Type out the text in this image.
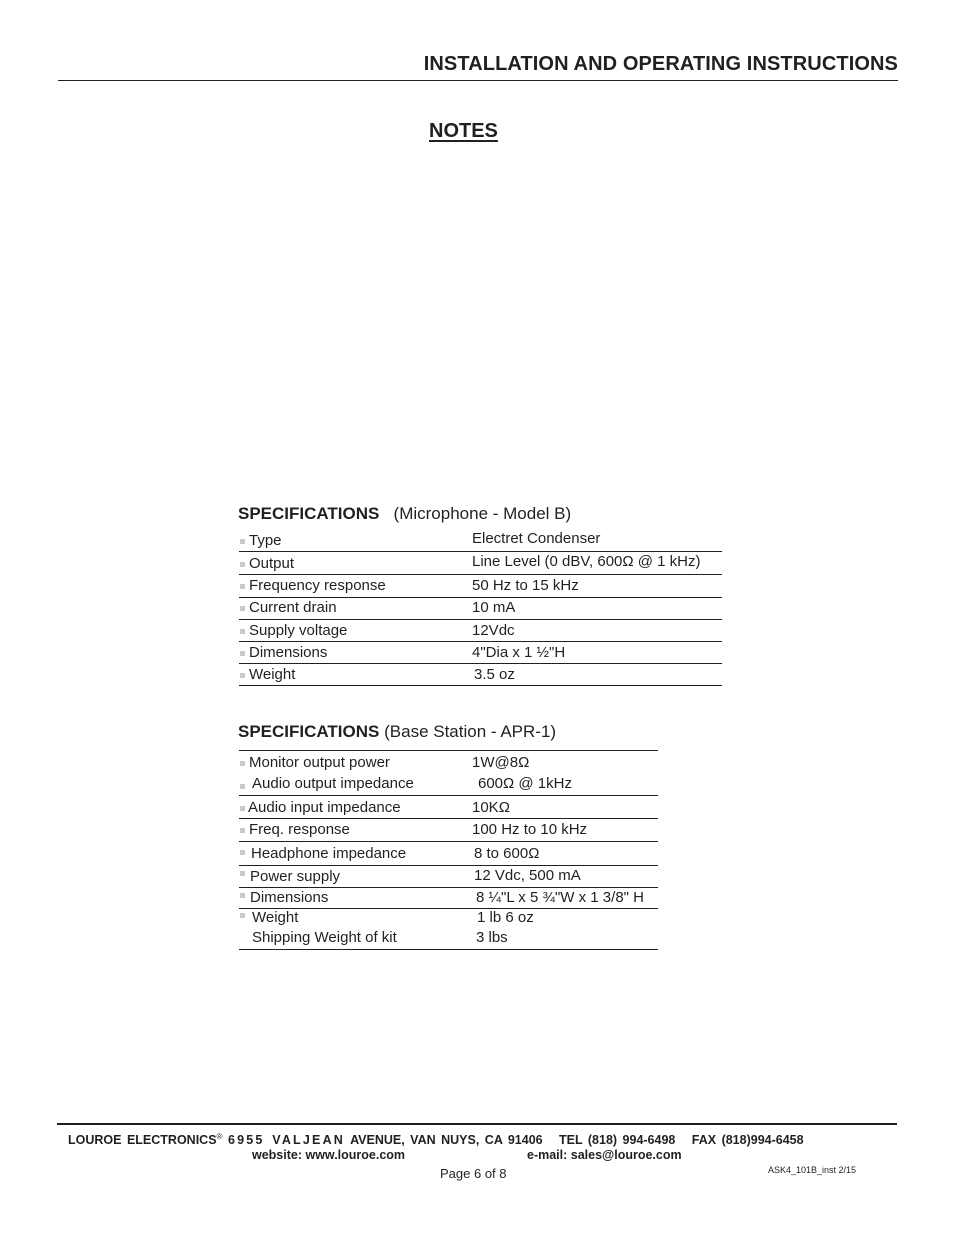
INSTALLATION AND OPERATING INSTRUCTIONS
NOTES
SPECIFICATIONS (Microphone - Model B)
Type	Electret Condenser
Output	Line Level (0 dBV, 600Ω @ 1 kHz)
Frequency response	50 Hz to 15 kHz
Current drain	10 mA
Supply voltage	12Vdc
Dimensions	4"Dia x 1 ½"H
Weight	3.5 oz
SPECIFICATIONS (Base Station - APR-1)
Monitor output power	1W@8Ω
Audio output impedance	600Ω @ 1kHz
Audio input impedance	10KΩ
Freq. response	100 Hz to 10 kHz
Headphone impedance	8 to 600Ω
Power supply	12 Vdc, 500 mA
Dimensions	8 ¼"L x 5 ¾"W x 1 3/8" H
Weight	1 lb 6 oz
Shipping Weight of kit	3 lbs
LOUROE ELECTRONICS® 6955 VALJEAN AVENUE, VAN NUYS, CA 91406   TEL (818) 994-6498   FAX (818)994-6458
website: www.louroe.com	e-mail: sales@louroe.com
Page 6 of 8	ASK4_101B_inst 2/15
